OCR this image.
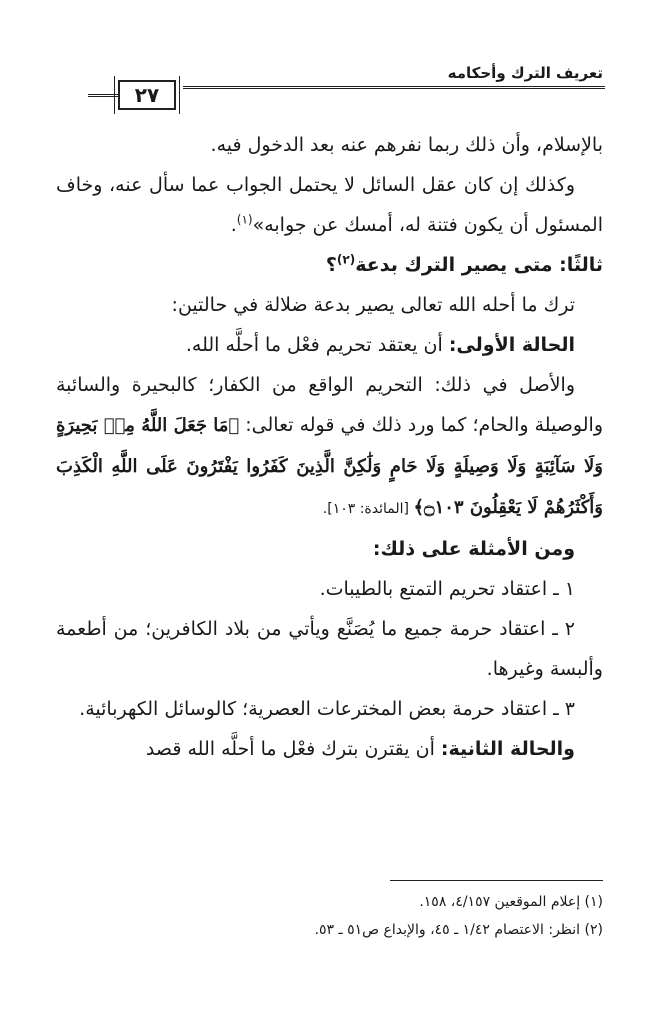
تعريف الترك وأحكامه
٢٧

بالإسلام، وأن ذلك ربما نفرهم عنه بعد الدخول فيه.

وكذلك إن كان عقل السائل لا يحتمل الجواب عما سأل عنه، وخاف المسئول أن يكون فتنة له، أمسك عن جوابه»$^{(١)}$.

ثالثًا: متى يصير الترك بدعة$^{(٢)}$؟

ترك ما أحله الله تعالى يصير بدعة ضلالة في حالتين:

الحالة الأولى: أن يعتقد تحريم فعْل ما أحلَّه الله.

والأصل في ذلك: التحريم الواقع من الكفار؛ كالبحيرة والسائبة والوصيلة والحام؛ كما ورد ذلك في قوله تعالى: ﴿مَا جَعَلَ اللَّهُ مِنۢ بَحِيرَةٍ وَلَا سَآئِبَةٍ وَلَا وَصِيلَةٍ وَلَا حَامٍ وَلَٰكِنَّ الَّذِينَ كَفَرُوا يَفْتَرُونَ عَلَى اللَّهِ الْكَذِبَ وَأَكْثَرُهُمْ لَا يَعْقِلُونَ ۝١٠٣﴾ [المائدة: ١٠٣].

ومن الأمثلة على ذلك:

١ ـ اعتقاد تحريم التمتع بالطيبات.

٢ ـ اعتقاد حرمة جميع ما يُصَنَّع ويأتي من بلاد الكافرين؛ من أطعمة وألبسة وغيرها.

٣ ـ اعتقاد حرمة بعض المخترعات العصرية؛ كالوسائل الكهربائية.

والحالة الثانية: أن يقترن بترك فعْل ما أحلَّه الله قصد

(١) إعلام الموقعين ٤/١٥٧، ١٥٨.

(٢) انظر: الاعتصام ١/٤٢ ـ ٤٥، والإبداع ص٥١ ـ ٥٣.
